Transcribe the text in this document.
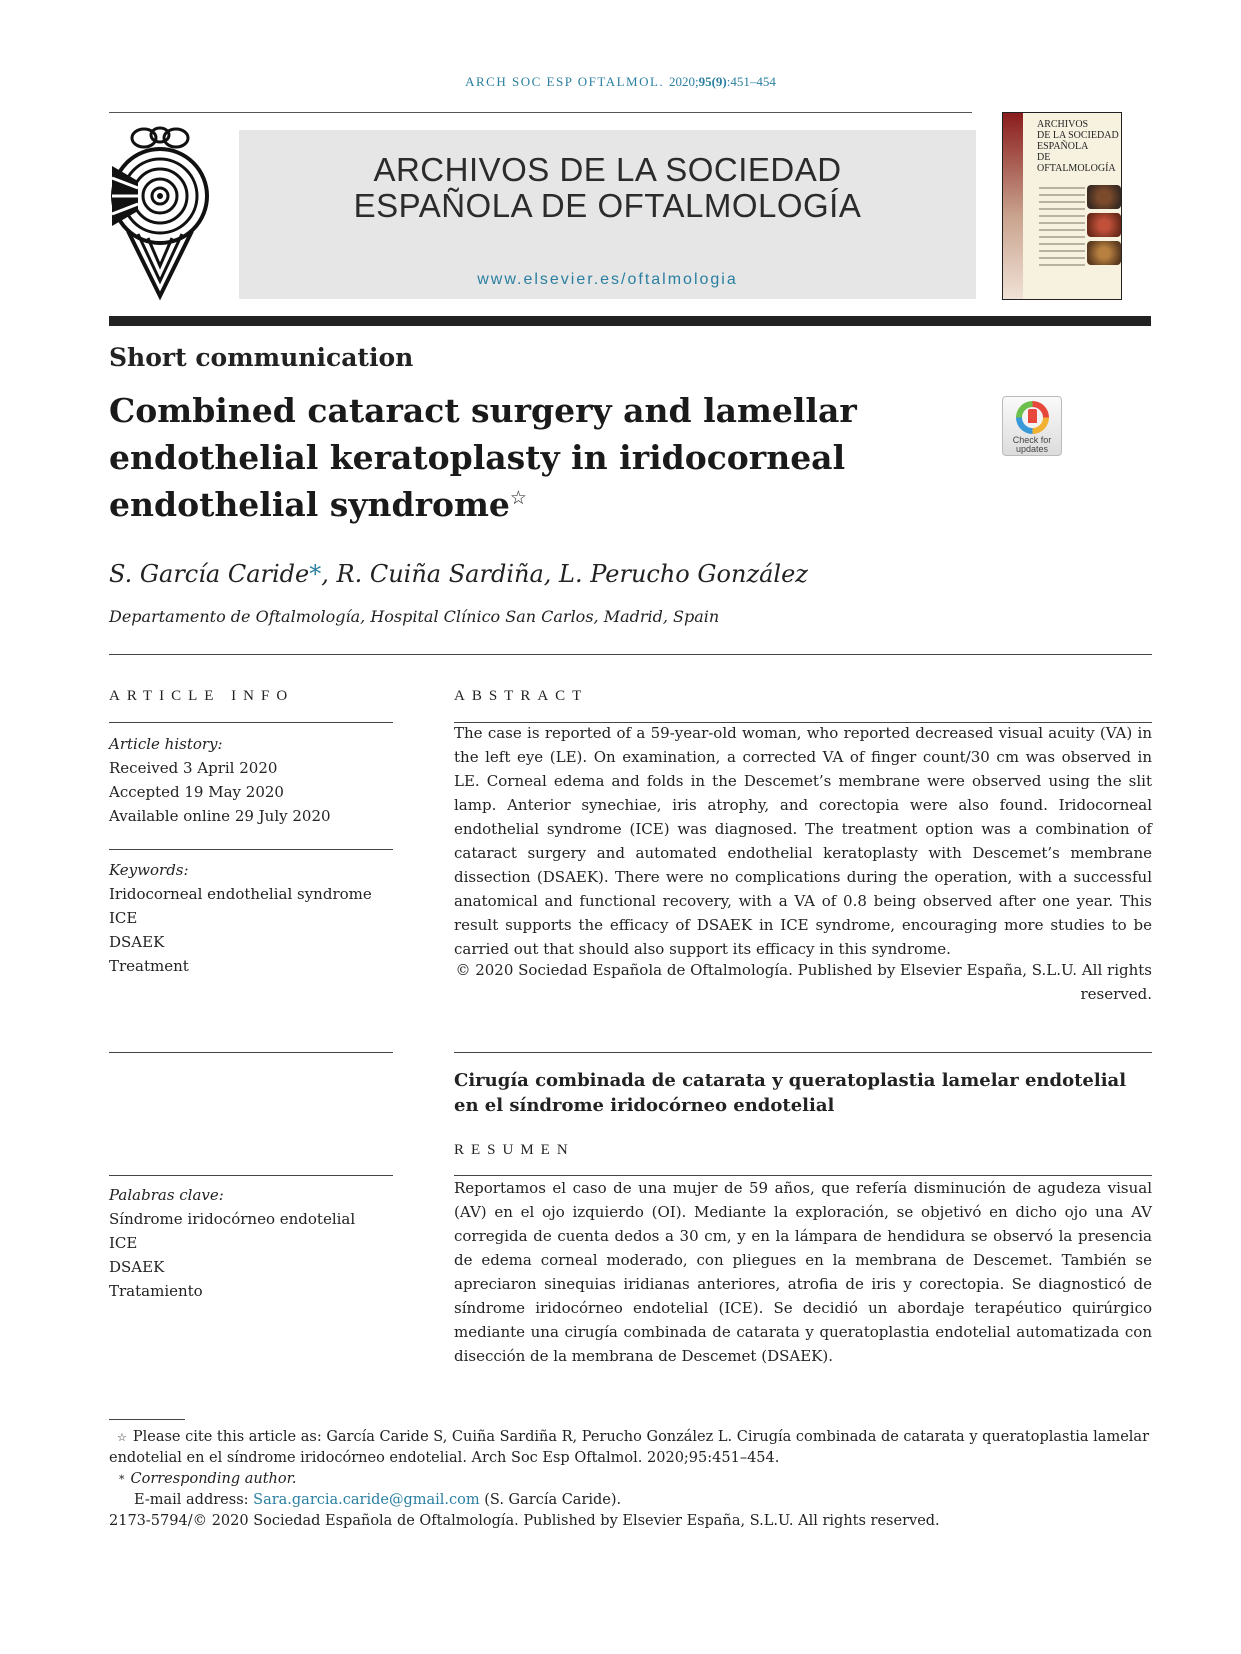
ARCH SOC ESP OFTALMOL. 2020;95(9):451–454
ARCHIVOS DE LA SOCIEDAD
ESPAÑOLA DE OFTALMOLOGÍA
www.elsevier.es/oftalmologia
ARCHIVOS
DE LA SOCIEDAD
ESPAÑOLA
DE OFTALMOLOGÍA
Short communication
Combined cataract surgery and lamellar
endothelial keratoplasty in iridocorneal
endothelial syndrome☆
Check for
updates
S. García Caride*, R. Cuiña Sardiña, L. Perucho González
Departamento de Oftalmología, Hospital Clínico San Carlos, Madrid, Spain
ARTICLE INFO
Article history:
Received 3 April 2020
Accepted 19 May 2020
Available online 29 July 2020
Keywords:
Iridocorneal endothelial syndrome
ICE
DSAEK
Treatment
ABSTRACT

The case is reported of a 59-year-old woman, who reported decreased visual acuity (VA) in the left eye (LE). On examination, a corrected VA of finger count/30 cm was observed in LE. Corneal edema and folds in the Descemet’s membrane were observed using the slit lamp. Anterior synechiae, iris atrophy, and corectopia were also found. Iridocorneal endothelial syndrome (ICE) was diagnosed. The treatment option was a combination of cataract surgery and automated endothelial keratoplasty with Descemet’s membrane dissection (DSAEK). There were no complications during the operation, with a successful anatomical and functional recovery, with a VA of 0.8 being observed after one year. This result supports the efficacy of DSAEK in ICE syndrome, encouraging more studies to be carried out that should also support its efficacy in this syndrome.

© 2020 Sociedad Española de Oftalmología. Published by Elsevier España, S.L.U. All rights reserved.

Cirugía combinada de catarata y queratoplastia lamelar endotelial en el síndrome iridocórneo endotelial
RESUMEN
Palabras clave:
Síndrome iridocórneo endotelial
ICE
DSAEK
Tratamiento

Reportamos el caso de una mujer de 59 años, que refería disminución de agudeza visual (AV) en el ojo izquierdo (OI). Mediante la exploración, se objetivó en dicho ojo una AV corregida de cuenta dedos a 30 cm, y en la lámpara de hendidura se observó la presencia de edema corneal moderado, con pliegues en la membrana de Descemet. También se apreciaron sinequias iridianas anteriores, atrofia de iris y corectopia. Se diagnosticó de síndrome iridocórneo endotelial (ICE). Se decidió un abordaje terapéutico quirúrgico mediante una cirugía combinada de catarata y queratoplastia endotelial automatizada con disección de la membrana de Descemet (DSAEK).

☆ Please cite this article as: García Caride S, Cuiña Sardiña R, Perucho González L. Cirugía combinada de catarata y queratoplastia lamelar endotelial en el síndrome iridocórneo endotelial. Arch Soc Esp Oftalmol. 2020;95:451–454.
* Corresponding author.
E-mail address: Sara.garcia.caride@gmail.com (S. García Caride).
2173-5794/© 2020 Sociedad Española de Oftalmología. Published by Elsevier España, S.L.U. All rights reserved.
